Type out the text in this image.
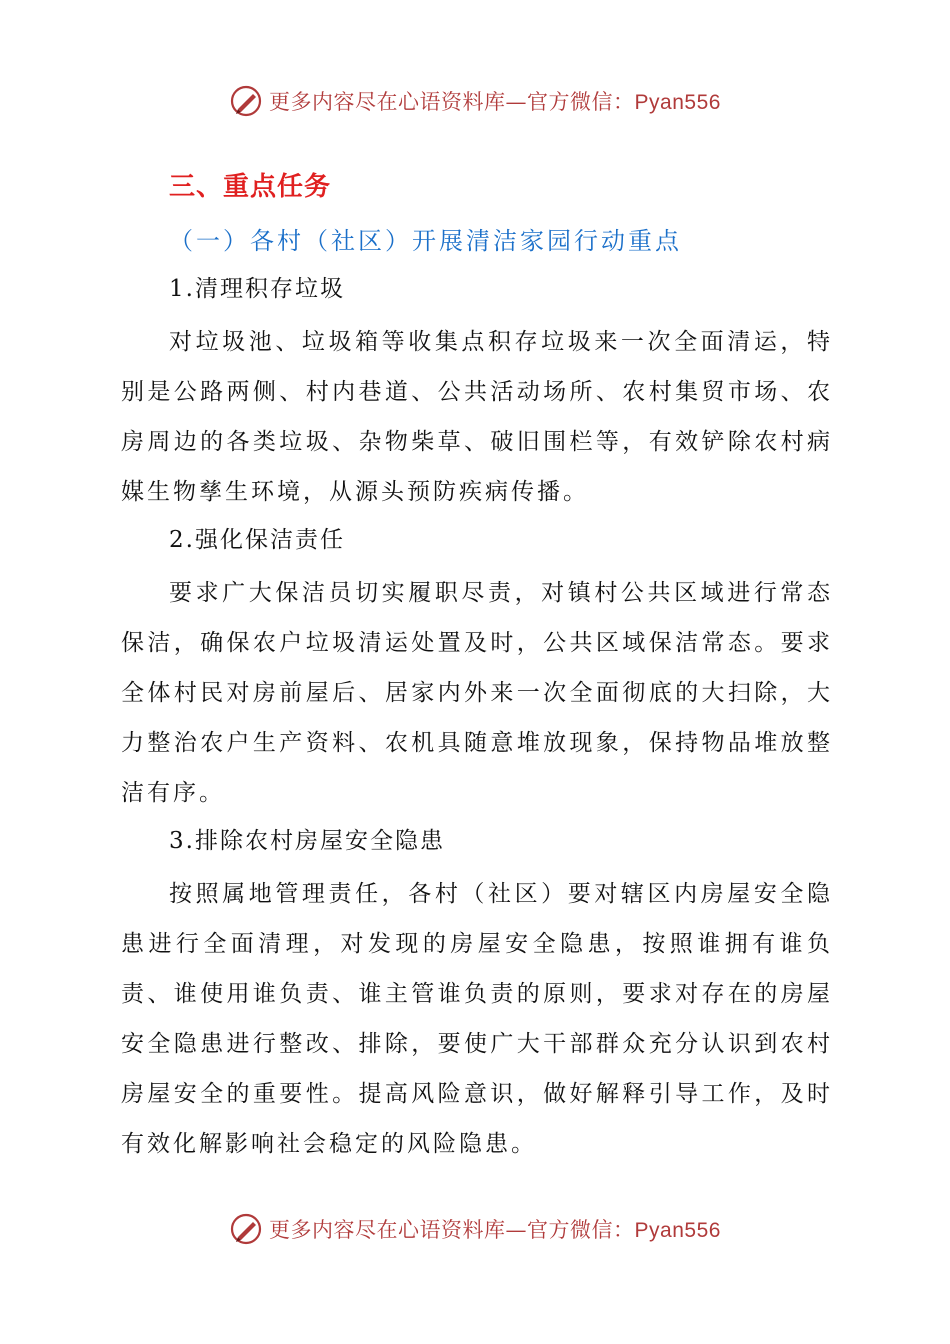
更多内容尽在心语资料库—官方微信：Pyan556
三、重点任务
（一）各村（社区）开展清洁家园行动重点
1.清理积存垃圾

对垃圾池、垃圾箱等收集点积存垃圾来一次全面清运，特别是公路两侧、村内巷道、公共活动场所、农村集贸市场、农房周边的各类垃圾、杂物柴草、破旧围栏等，有效铲除农村病媒生物孳生环境，从源头预防疾病传播。

2.强化保洁责任

要求广大保洁员切实履职尽责，对镇村公共区域进行常态保洁，确保农户垃圾清运处置及时，公共区域保洁常态。要求全体村民对房前屋后、居家内外来一次全面彻底的大扫除，大力整治农户生产资料、农机具随意堆放现象，保持物品堆放整洁有序。

3.排除农村房屋安全隐患

按照属地管理责任，各村（社区）要对辖区内房屋安全隐患进行全面清理，对发现的房屋安全隐患，按照谁拥有谁负责、谁使用谁负责、谁主管谁负责的原则，要求对存在的房屋安全隐患进行整改、排除，要使广大干部群众充分认识到农村房屋安全的重要性。提高风险意识，做好解释引导工作，及时有效化解影响社会稳定的风险隐患。

更多内容尽在心语资料库—官方微信：Pyan556
